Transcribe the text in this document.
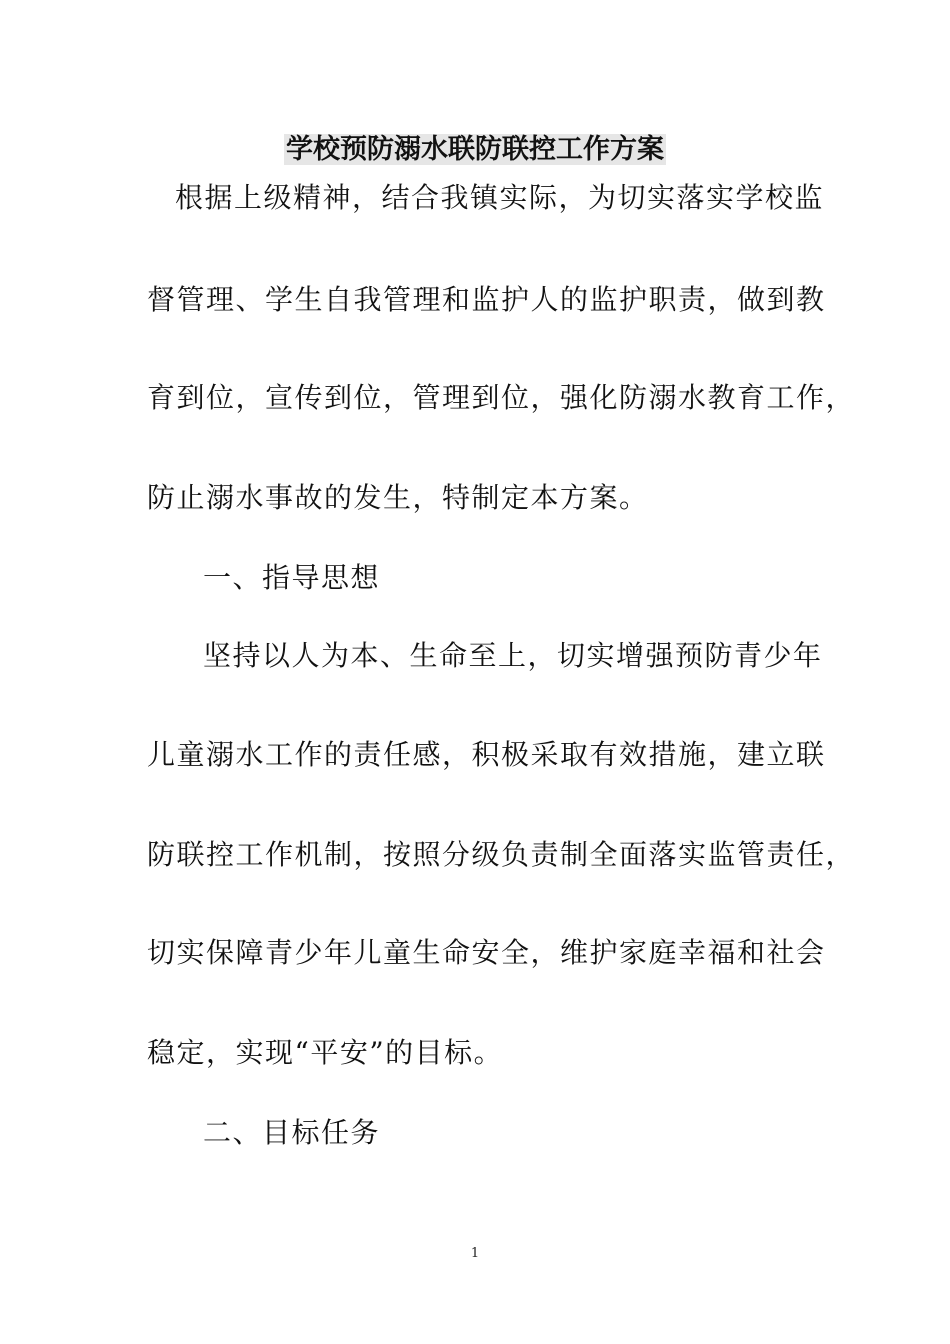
学校预防溺水联防联控工作方案
根据上级精神，结合我镇实际，为切实落实学校监
督管理、学生自我管理和监护人的监护职责，做到教
育到位，宣传到位，管理到位，强化防溺水教育工作，
防止溺水事故的发生，特制定本方案。
一、指导思想
坚持以人为本、生命至上，切实增强预防青少年
儿童溺水工作的责任感，积极采取有效措施，建立联
防联控工作机制，按照分级负责制全面落实监管责任，
切实保障青少年儿童生命安全，维护家庭幸福和社会
稳定，实现“平安”的目标。
二、目标任务
1
